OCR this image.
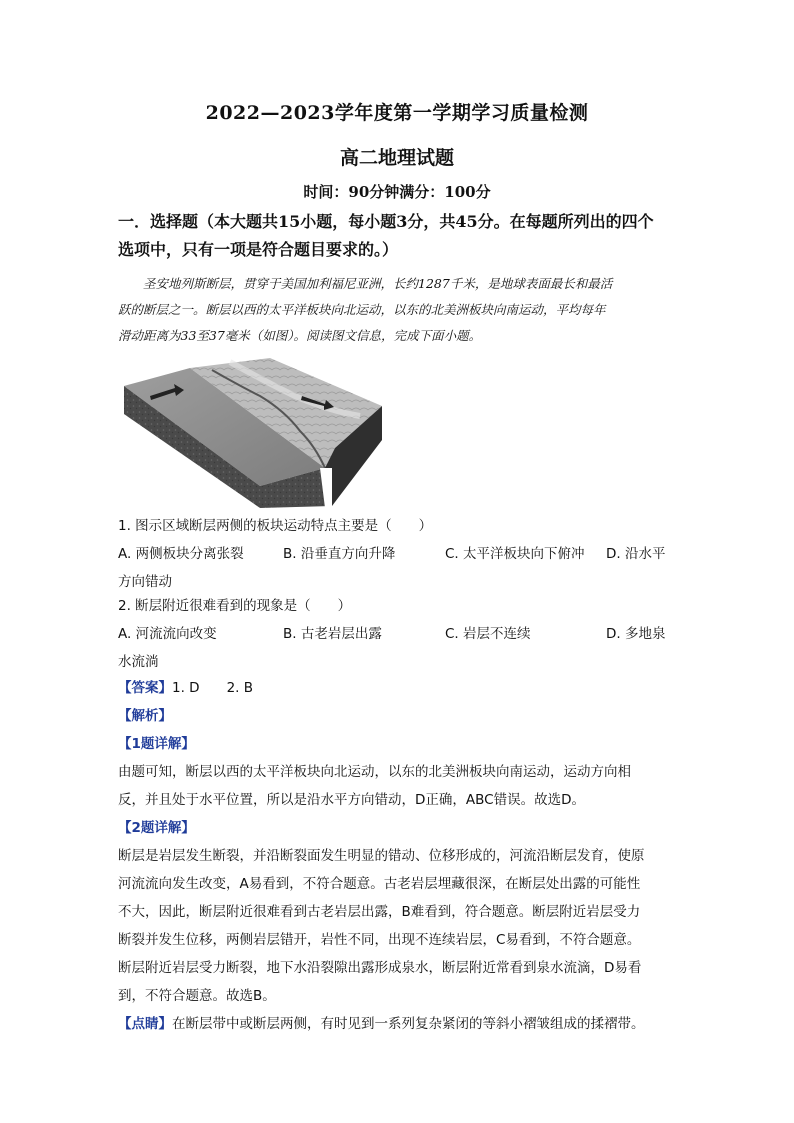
2022—2023学年度第一学期学习质量检测
高二地理试题
时间：90分钟满分：100分
一．选择题（本大题共15小题，每小题3分，共45分。在每题所列出的四个
选项中，只有一项是符合题目要求的。）

圣安地列斯断层，贯穿于美国加利福尼亚洲，长约1287千米，是地球表面最长和最活

跃的断层之一。断层以西的太平洋板块向北运动，以东的北美洲板块向南运动，平均每年

滑动距离为33至37毫米（如图）。阅读图文信息，完成下面小题。

1. 图示区域断层两侧的板块运动特点主要是（　　）
A. 两侧板块分离张裂	B. 沿垂直方向升降	C. 太平洋板块向下俯冲 D. 沿水平
方向错动
2. 断层附近很难看到的现象是（　　）
A. 河流流向改变	B. 古老岩层出露	C. 岩层不连续	D. 多地泉
水流淌
【答案】1. D　　2. B
【解析】
【1题详解】
由题可知，断层以西的太平洋板块向北运动，以东的北美洲板块向南运动，运动方向相
反，并且处于水平位置，所以是沿水平方向错动，D正确，ABC错误。故选D。
【2题详解】
断层是岩层发生断裂，并沿断裂面发生明显的错动、位移形成的，河流沿断层发育，使原
河流流向发生改变，A易看到，不符合题意。古老岩层埋藏很深，在断层处出露的可能性
不大，因此，断层附近很难看到古老岩层出露，B难看到，符合题意。断层附近岩层受力
断裂并发生位移，两侧岩层错开，岩性不同，出现不连续岩层，C易看到，不符合题意。
断层附近岩层受力断裂，地下水沿裂隙出露形成泉水，断层附近常看到泉水流滴，D易看
到，不符合题意。故选B。
【点睛】在断层带中或断层两侧，有时见到一系列复杂紧闭的等斜小褶皱组成的揉褶带。
